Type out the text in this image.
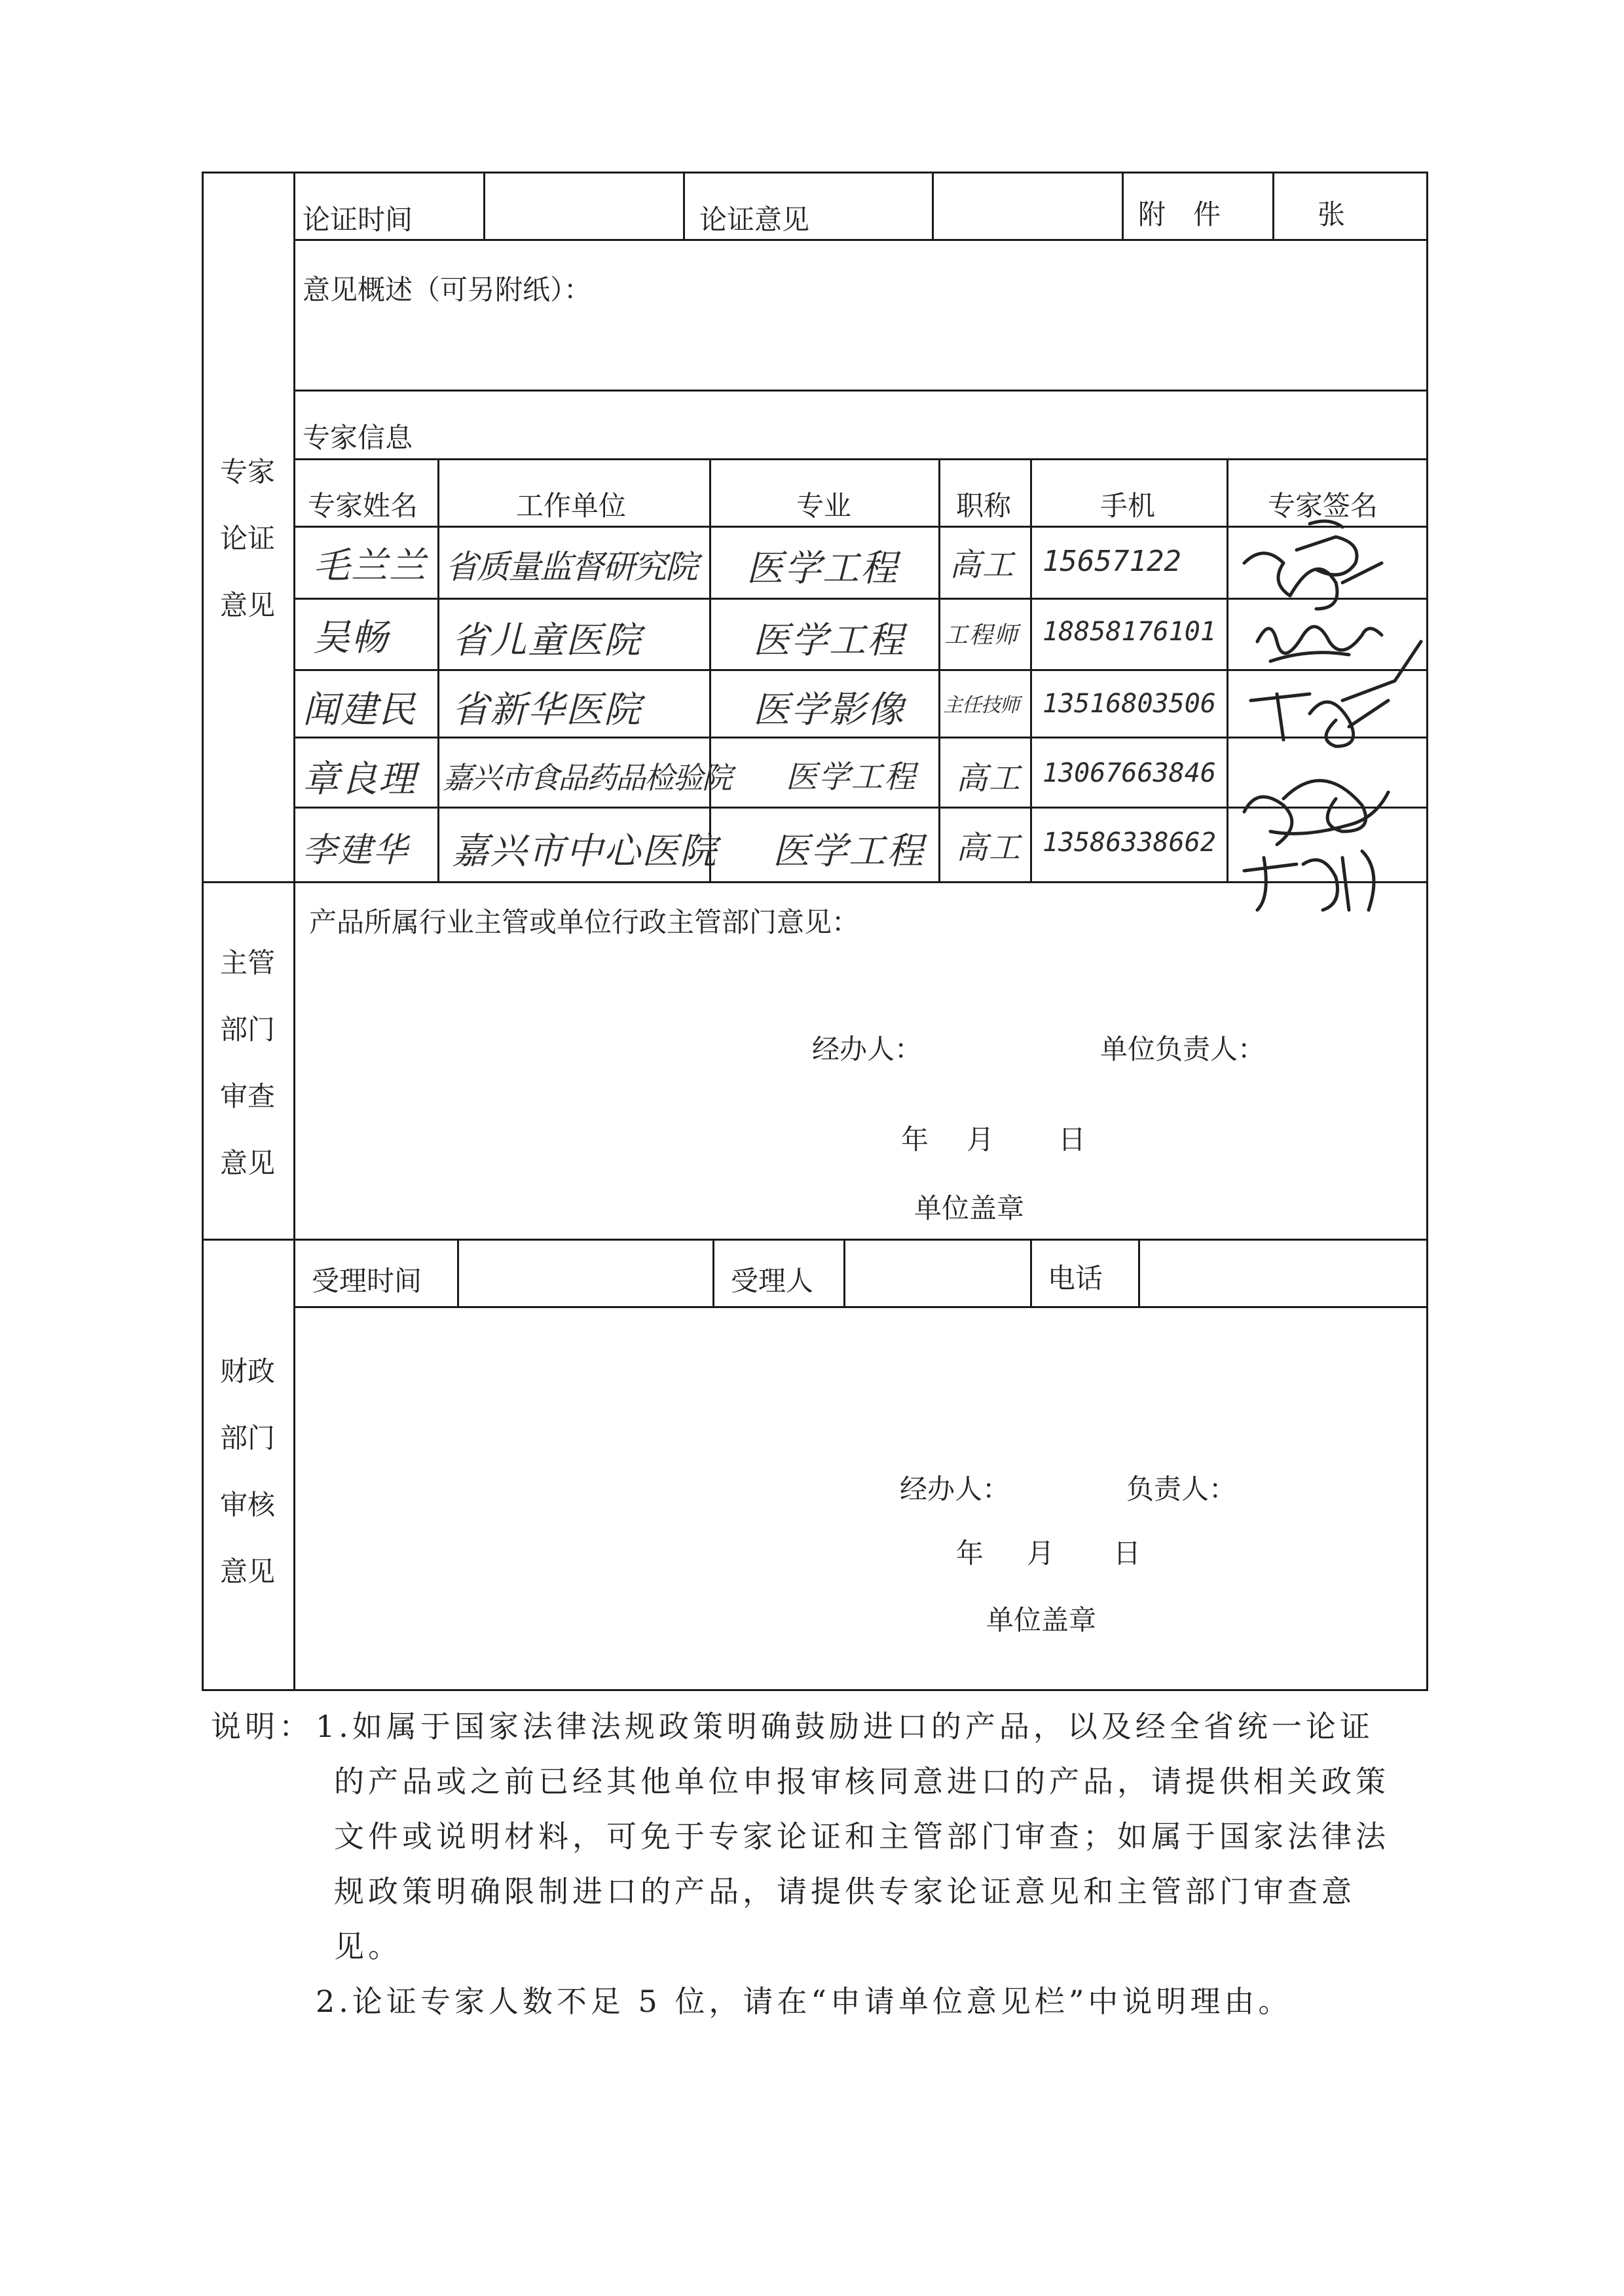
专家
论证
意见
论证时间	论证意见	附　件	张
意见概述（可另附纸）：
专家信息
专家姓名	工作单位	专业	职称	手机	专家签名
毛兰兰 省质量监督研究院 医学工程 高工 15657122
吴畅 省儿童医院	医学工程 工程师 18858176101
闻建民 省新华医院	医学影像 主任技师 13516803506
章良理 嘉兴市食品药品检验院 医学工程 高工 13067663846
李建华 嘉兴市中心医院 医学工程 高工 13586338662
主管
部门
审查
意见
产品所属行业主管或单位行政主管部门意见：
经办人：	单位负责人：
年 月 日
单位盖章
受理时间	受理人	电话
财政
部门
审核
意见
经办人：	负责人：
年 月 日
单位盖章
说明： 1.如属于国家法律法规政策明确鼓励进口的产品，以及经全省统一论证
的产品或之前已经其他单位申报审核同意进口的产品，请提供相关政策
文件或说明材料，可免于专家论证和主管部门审查；如属于国家法律法
规政策明确限制进口的产品，请提供专家论证意见和主管部门审查意
见。
2.论证专家人数不足 5 位，请在“申请单位意见栏”中说明理由。
